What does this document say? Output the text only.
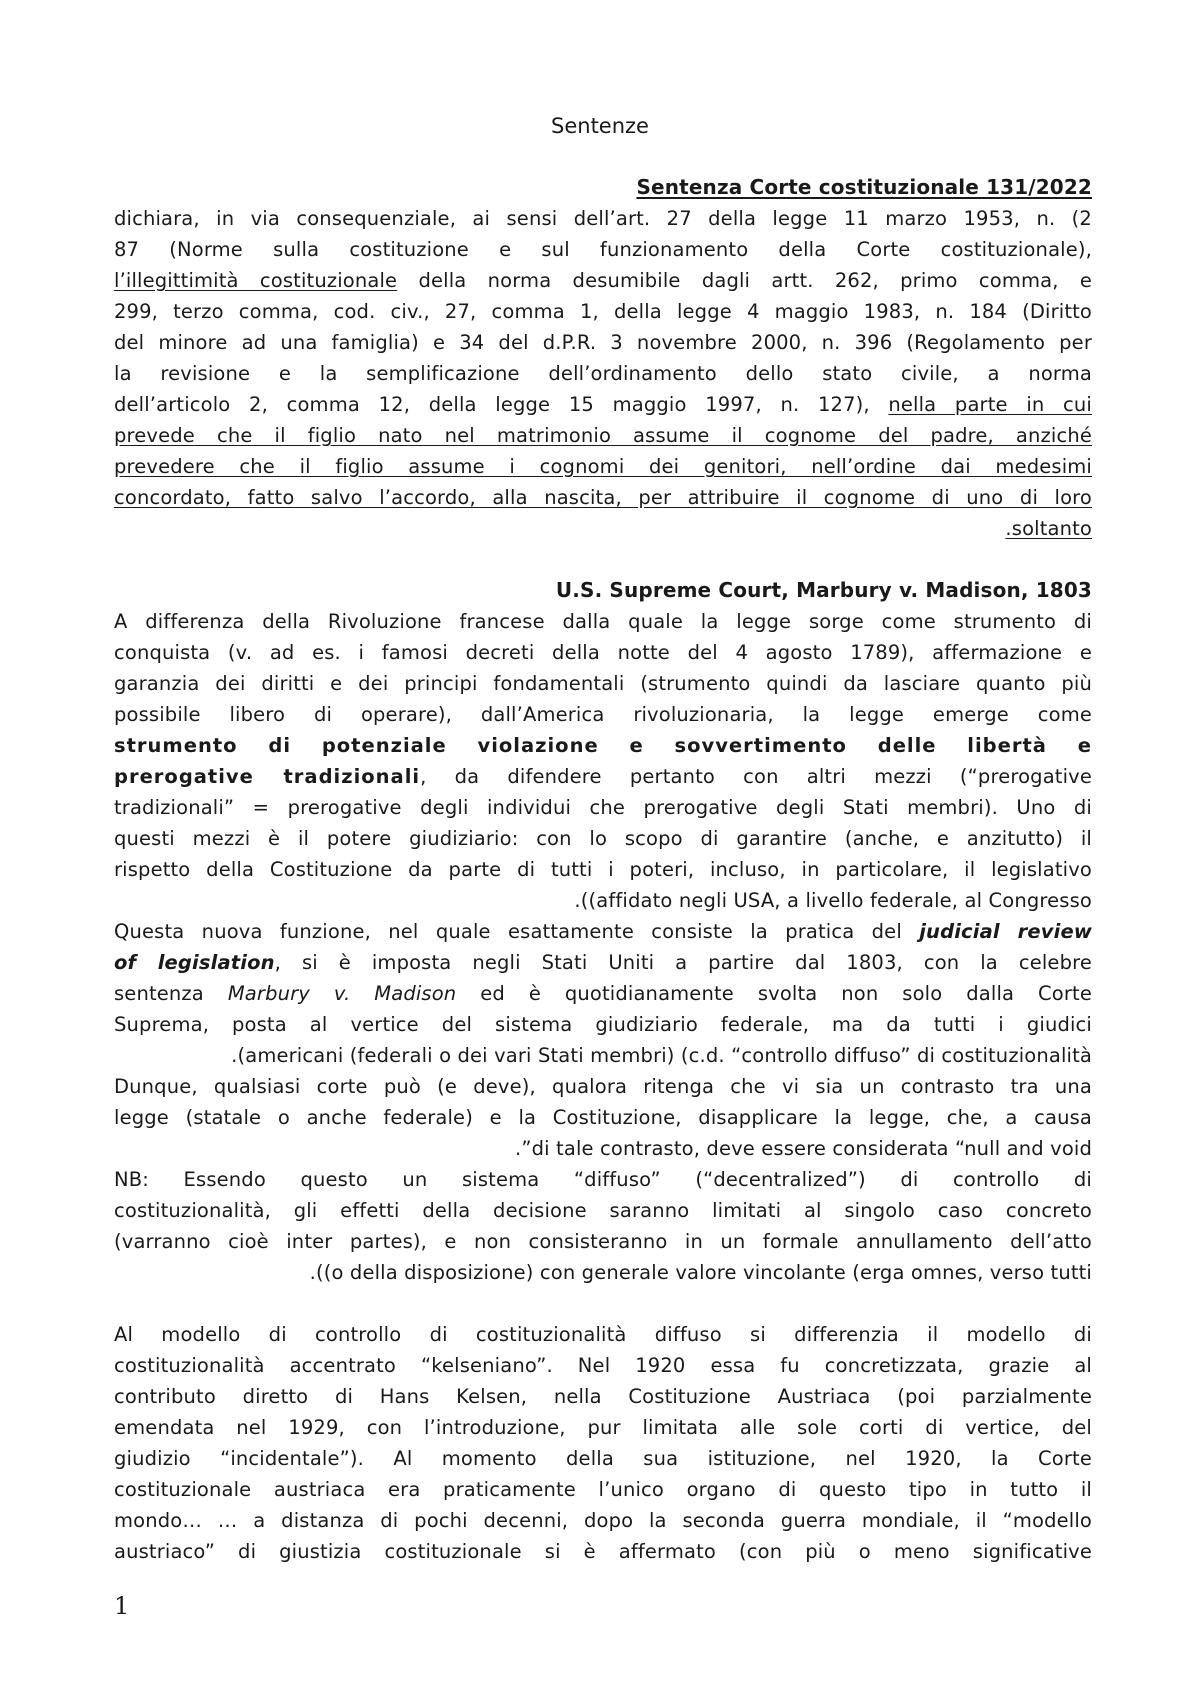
Sentenze
Sentenza Corte costituzionale 131/2022
dichiara, in via consequenziale, ai sensi dell’art. 27 della legge 11 marzo 1953, n. (2
87 (Norme sulla costituzione e sul funzionamento della Corte costituzionale),
l’illegittimità costituzionale della norma desumibile dagli artt. 262, primo comma, e
299, terzo comma, cod. civ., 27, comma 1, della legge 4 maggio 1983, n. 184 (Diritto
del minore ad una famiglia) e 34 del d.P.R. 3 novembre 2000, n. 396 (Regolamento per
la revisione e la semplificazione dell’ordinamento dello stato civile, a norma
dell’articolo 2, comma 12, della legge 15 maggio 1997, n. 127), nella parte in cui
prevede che il figlio nato nel matrimonio assume il cognome del padre, anziché
prevedere che il figlio assume i cognomi dei genitori, nell’ordine dai medesimi
concordato, fatto salvo l’accordo, alla nascita, per attribuire il cognome di uno di loro
.soltanto
U.S. Supreme Court, Marbury v. Madison, 1803
A differenza della Rivoluzione francese dalla quale la legge sorge come strumento di
conquista (v. ad es. i famosi decreti della notte del 4 agosto 1789), affermazione e
garanzia dei diritti e dei principi fondamentali (strumento quindi da lasciare quanto più
possibile libero di operare), dall’America rivoluzionaria, la legge emerge come
strumento di potenziale violazione e sovvertimento delle libertà e
prerogative tradizionali, da difendere pertanto con altri mezzi (“prerogative
tradizionali” = prerogative degli individui che prerogative degli Stati membri). Uno di
questi mezzi è il potere giudiziario: con lo scopo di garantire (anche, e anzitutto) il
rispetto della Costituzione da parte di tutti i poteri, incluso, in particolare, il legislativo
.((affidato negli USA, a livello federale, al Congresso
Questa nuova funzione, nel quale esattamente consiste la pratica del judicial review
of legislation, si è imposta negli Stati Uniti a partire dal 1803, con la celebre
sentenza Marbury v. Madison ed è quotidianamente svolta non solo dalla Corte
Suprema, posta al vertice del sistema giudiziario federale, ma da tutti i giudici
.(americani (federali o dei vari Stati membri) (c.d. “controllo diffuso” di costituzionalità
Dunque, qualsiasi corte può (e deve), qualora ritenga che vi sia un contrasto tra una
legge (statale o anche federale) e la Costituzione, disapplicare la legge, che, a causa
.”di tale contrasto, deve essere considerata “null and void
NB: Essendo questo un sistema “diffuso” (“decentralized”) di controllo di
costituzionalità, gli effetti della decisione saranno limitati al singolo caso concreto
(varranno cioè inter partes), e non consisteranno in un formale annullamento dell’atto
.((o della disposizione) con generale valore vincolante (erga omnes, verso tutti
Al modello di controllo di costituzionalità diffuso si differenzia il modello di
costituzionalità accentrato “kelseniano”. Nel 1920 essa fu concretizzata, grazie al
contributo diretto di Hans Kelsen, nella Costituzione Austriaca (poi parzialmente
emendata nel 1929, con l’introduzione, pur limitata alle sole corti di vertice, del
giudizio “incidentale”). Al momento della sua istituzione, nel 1920, la Corte
costituzionale austriaca era praticamente l’unico organo di questo tipo in tutto il
mondo… … a distanza di pochi decenni, dopo la seconda guerra mondiale, il “modello
austriaco” di giustizia costituzionale si è affermato (con più o meno significative
1
